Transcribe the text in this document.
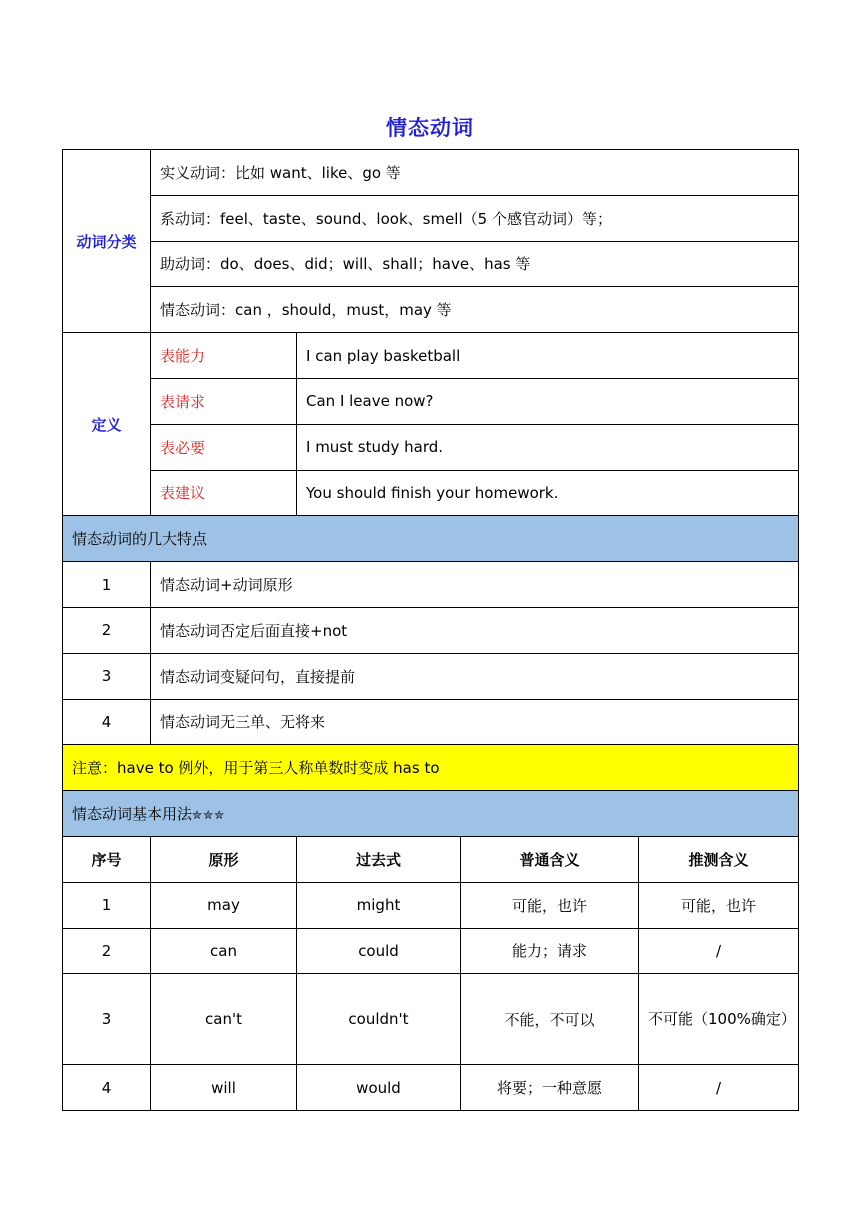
情态动词
动词分类	实义动词：比如 want、like、go 等			
	系动词：feel、taste、sound、look、smell（5 个感官动词）等；			
	助动词：do、does、did；will、shall；have、has 等			
	情态动词：can ，should，must，may 等			
定义	表能力	I can play basketball		
	表请求	Can I leave now?		
	表必要	I must study hard.		
	表建议	You should finish your homework.		
情态动词的几大特点				
1	情态动词+动词原形			
2	情态动词否定后面直接+not			
3	情态动词变疑问句，直接提前			
4	情态动词无三单、无将来			
注意：have to 例外，用于第三人称单数时变成 has to				
情态动词基本用法✮✮✮				
序号	原形	过去式	普通含义	推测含义
1	may	might	可能，也许	可能，也许
2	can	could	能力；请求	/
3	can't	couldn't	不能，不可以	不可能（100%确定）
4	will	would	将要；一种意愿	/
